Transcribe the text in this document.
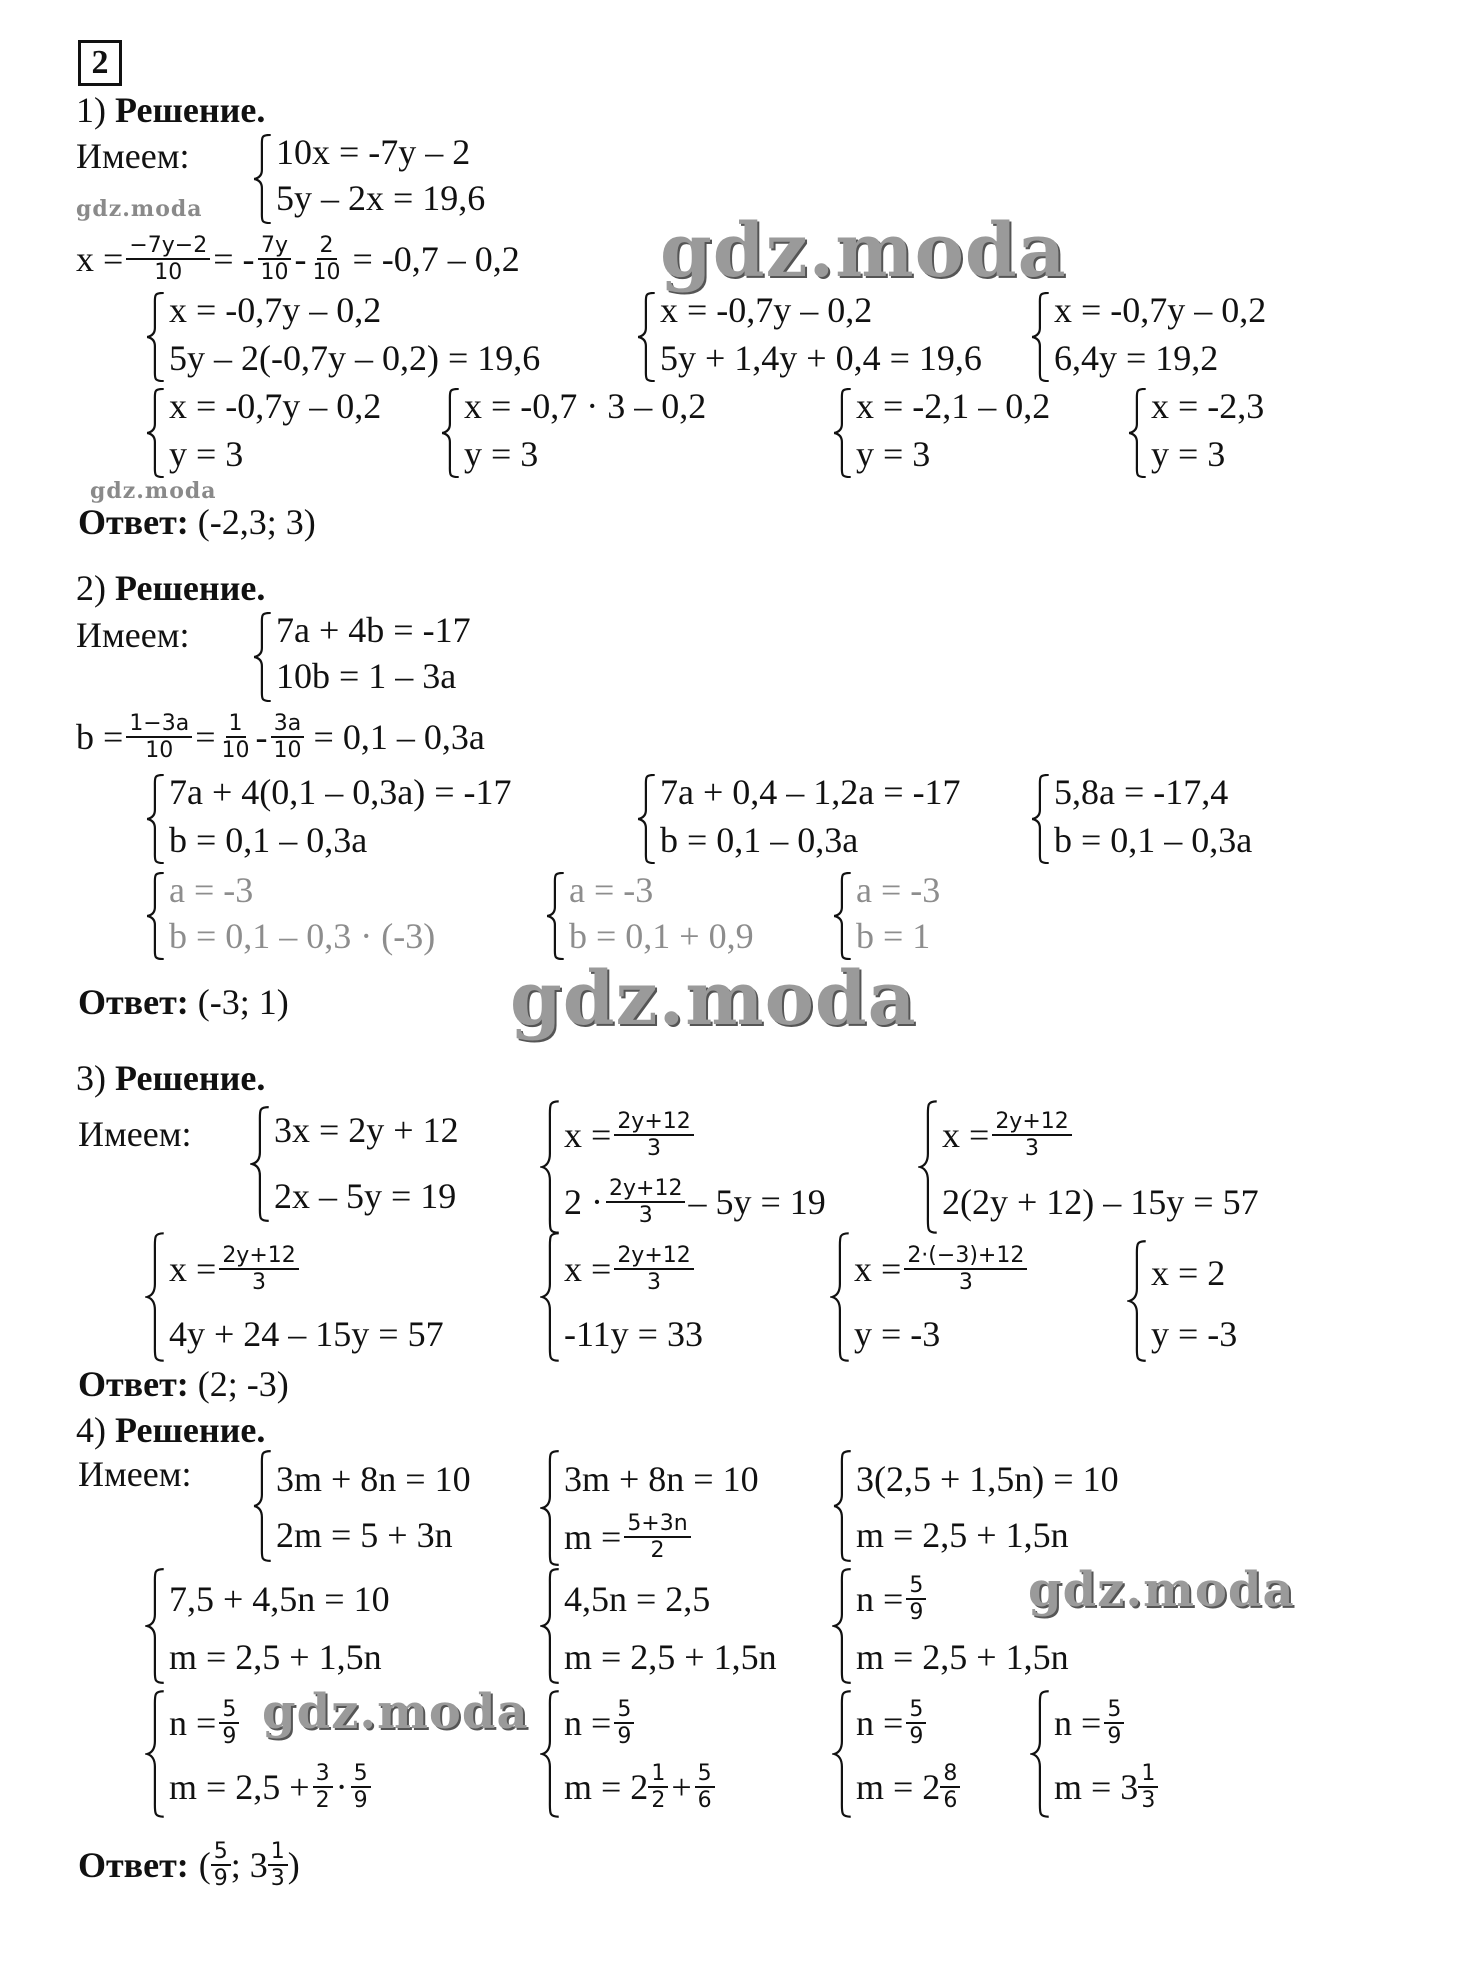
2
1) Решение.
Имеем: 10x = -7y – 2
5y – 2x = 19,6
gdz.moda
$x = \frac{-7y-2}{10}$ = - $\frac{7y}{10} - \frac{2}{10} = -0,7 - 0,2$ gdz.moda
x = -0,7y – 0,2
5y – 2(-0,7y – 0,2) = 19,6
x = -0,7y – 0,2
5y + 1,4y + 0,4 = 19,6
x = -0,7y – 0,2
6,4y = 19,2
x = -0,7y – 0,2
y = 3
x = -0,7 · 3 – 0,2
y = 3
x = -2,1 – 0,2
y = 3
x = -2,3
y = 3
gdz.moda
Ответ: (-2,3; 3)
2) Решение.
Имеем: 7a + 4b = -17
10b = 1 – 3a
$b = \frac{1-3a}{10} = \frac{1}{10} - \frac{3a}{10} = 0,1 - 0,3a$
7a + 4(0,1 – 0,3a) = -17
b = 0,1 – 0,3a
7a + 0,4 – 1,2a = -17
b = 0,1 – 0,3a
5,8a = -17,4
b = 0,1 – 0,3a
a = -3
b = 0,1 – 0,3 · (-3)
a = -3
b = 0,1 + 0,9
a = -3
b = 1
Ответ: (-3; 1)	gdz.moda
3) Решение.
Имеем: 3x = 2y + 12
2x – 5y = 19
$x = \frac{2y+12}{3}$
$2 \cdot \frac{2y+12}{3} - 5y = 19$
$x = \frac{2y+12}{3}$
2(2y + 12) – 15y = 57
$x = \frac{2y+12}{3}$
4y + 24 – 15y = 57
$x = \frac{2y+12}{3}$
-11y = 33
$x = \frac{2\cdot(-3)+12}{3}$
y = -3
x = 2
y = -3
Ответ: (2; -3)
4) Решение.
Имеем: 3m + 8n = 10
2m = 5 + 3n
3m + 8n = 10
$m = \frac{5+3n}{2}$
3(2,5 + 1,5n) = 10
m = 2,5 + 1,5n
7,5 + 4,5n = 10
m = 2,5 + 1,5n
4,5n = 2,5
m = 2,5 + 1,5n
$n = \frac{5}{9}$
m = 2,5 + 1,5n
gdz.moda
$n = \frac{5}{9}$
$m = 2,5 + \frac{3}{2} \cdot \frac{5}{9}$
gdz.moda $n = \frac{5}{9}$
$m = 2 \frac{1}{2} + \frac{5}{6}$
$n = \frac{5}{9}$
$m = 2 \frac{8}{6}$
$n = \frac{5}{9}$
$m = 3 \frac{1}{3}$
Ответ: ( $\frac{5}{9}$ ; $3 \frac{1}{3}$ )
